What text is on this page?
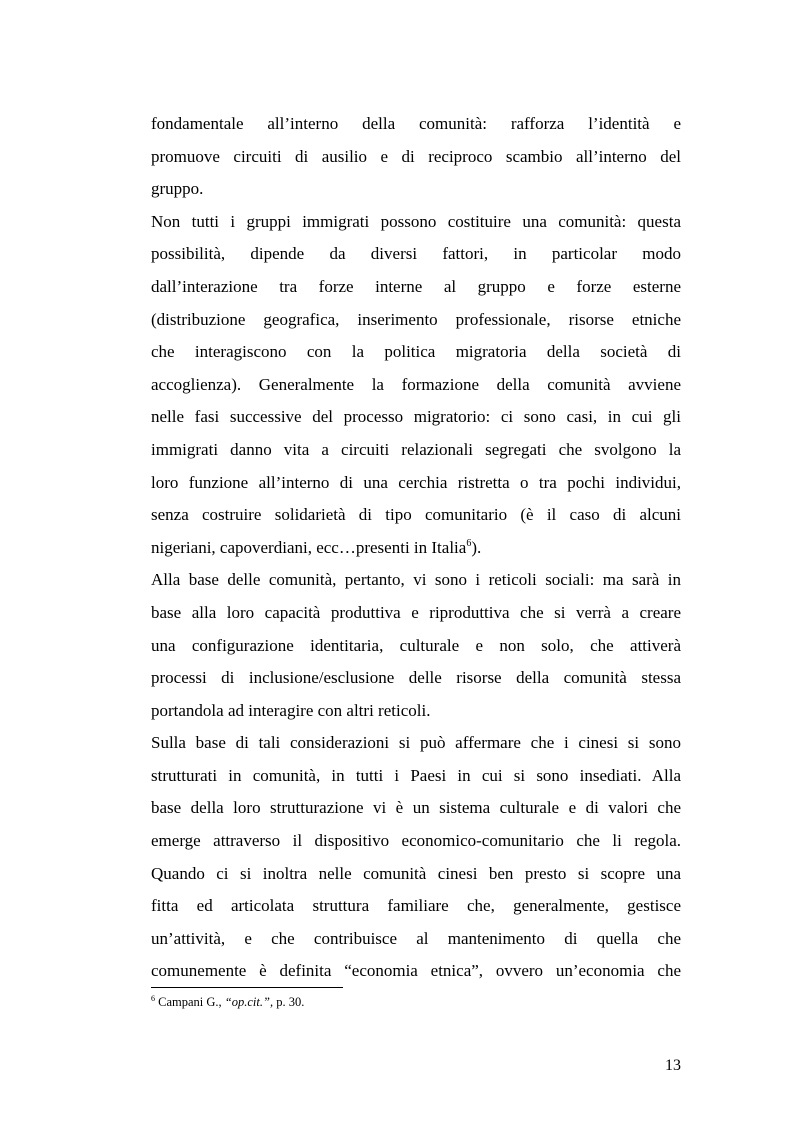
fondamentale all’interno della comunità: rafforza l’identità e
promuove circuiti di ausilio e di reciproco scambio all’interno del
gruppo.
Non tutti i gruppi immigrati possono costituire una comunità: questa
possibilità, dipende da diversi fattori, in particolar modo
dall’interazione tra forze interne al gruppo e forze esterne
(distribuzione geografica, inserimento professionale, risorse etniche
che interagiscono con la politica migratoria della società di
accoglienza). Generalmente la formazione della comunità avviene
nelle fasi successive del processo migratorio: ci sono casi, in cui gli
immigrati danno vita a circuiti relazionali segregati che svolgono la
loro funzione all’interno di una cerchia ristretta o tra pochi individui,
senza costruire solidarietà di tipo comunitario (è il caso di alcuni
nigeriani, capoverdiani, ecc…presenti in Italia$^6$).
Alla base delle comunità, pertanto, vi sono i reticoli sociali: ma sarà in
base alla loro capacità produttiva e riproduttiva che si verrà a creare
una configurazione identitaria, culturale e non solo, che attiverà
processi di inclusione/esclusione delle risorse della comunità stessa
portandola ad interagire con altri reticoli.
Sulla base di tali considerazioni si può affermare che i cinesi si sono
strutturati in comunità, in tutti i Paesi in cui si sono insediati. Alla
base della loro strutturazione vi è un sistema culturale e di valori che
emerge attraverso il dispositivo economico-comunitario che li regola.
Quando ci si inoltra nelle comunità cinesi ben presto si scopre una
fitta ed articolata struttura familiare che, generalmente, gestisce
un’attività, e che contribuisce al mantenimento di quella che
comunemente è definita “economia etnica”, ovvero un’economia che
$^6$ Campani G., “op.cit.”, p. 30.
13
